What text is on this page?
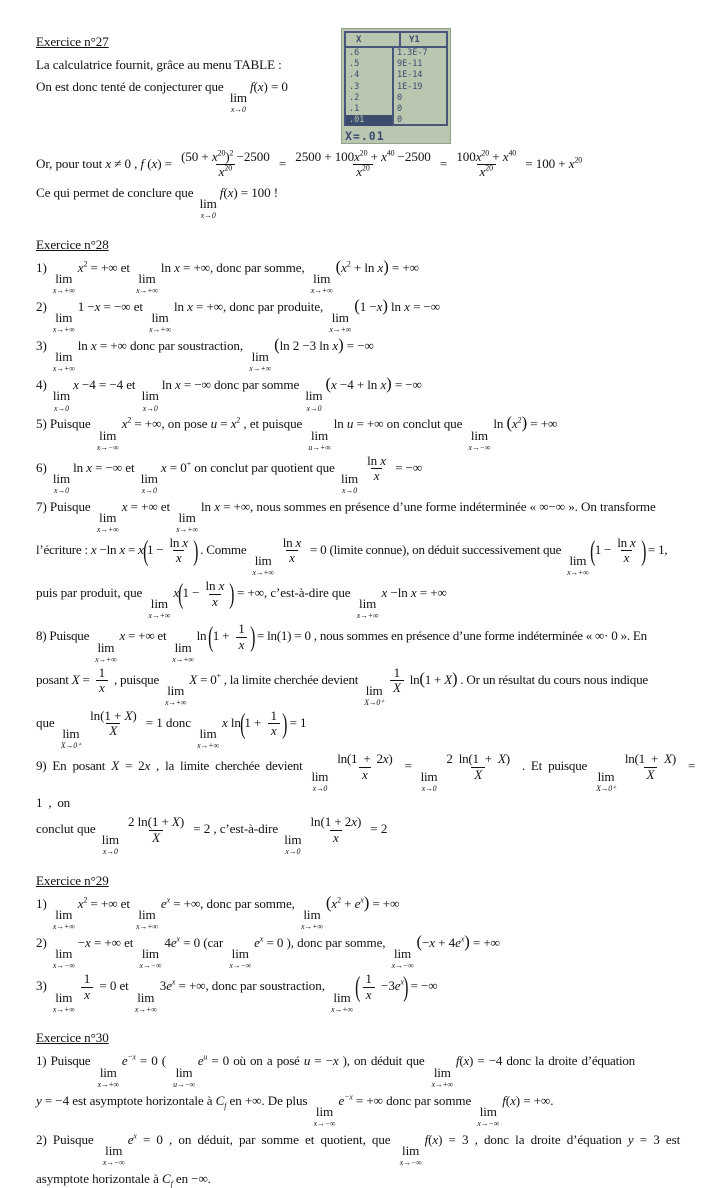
X	Y1
.6	1.3E-7
.5	9E-11
.4	1E-14
.3	1E-19
.2	0
.1	0
.01	0
X=.01
Exercice n°27
La calculatrice fournit, grâce au menu TABLE :
On est donc tenté de conjecturer que
lim
x→0
f(x) = 0
Or, pour tout x ≠ 0 , f $(x) = \frac{(50 + x^{20})^2 -2500}{x^{20}} = \frac{2500 + 100x^{20} + x^{40} -2500}{x^{20}} = \frac{100x^{20} + x^{40}}{x^{20}} = 100 + x^{20}$
Ce qui permet de conclure que
lim
x→0
f(x) = 100 !
Exercice n°28
1)
lim
x→+∞
$x^2$ = +∞ et
lim
x→+∞
ln x = +∞, donc par somme,
lim
x→+∞
$(x^2 + \ln x)$ = +∞
2)
lim
x→+∞
1 −x = −∞ et
lim
x→+∞
ln x = +∞, donc par produite,
lim
x→+∞
(1 −x) ln x = −∞
3)
lim
x→+∞
ln x = +∞ donc par soustraction,
lim
x→+∞
(ln 2 −3 ln x) = −∞
4)
lim
x→0
x −4 = −4 et
lim
x→0
ln x = −∞ donc par somme
lim
x→0
(x −4 + ln x) = −∞
5) Puisque
lim
x→−∞
$x^2$ = +∞, on pose $u = x^2$ , et puisque
lim
u→+∞
ln u = +∞ on conclut que
lim
x→−∞
$\ln (x^2)$ = +∞
6)
lim
x→0
ln x = −∞ et
lim
x→0
x = 0+ on conclut par quotient que
lim
x→0
$\frac{\text{ln x}}{x}$ = −∞
7) Puisque
lim
x→+∞
x = +∞ et
lim
x→+∞
ln x = +∞, nous sommes en présence d’une forme indéterminée « ∞−∞ ». On transforme
l’écriture : x −ln $x = x(1 - \frac{\text{ln x}}{x}$ ) . Comme
lim
x→+∞
$\frac{\text{ln x}}{x} = 0$ (limite connue), on déduit successivement que
lim
x→+∞
($1 - \frac{\text{ln x}}{x}$ ) = 1,
puis par produit, que
lim
x→+∞
$x(1 - \frac{\text{ln x}}{x}$ ) = +∞, c’est-à-dire que
lim
x→+∞
x −ln x = +∞
8) Puisque
lim
x→+∞
x = +∞ et
lim
x→+∞
$\ln (1 + \frac{1}{x}$ ) = ln(1) = 0 , nous sommes en présence d’une forme indéterminée « ∞· 0 ». En
posant $X = \frac{1}{x}$ , puisque
lim
x→+∞
X = 0+ , la limite cherchée devient
lim
X→0⁺
$\frac{1}{X} \ln(1 + X)$ . Or un résultat du cours nous indique
que
lim
X→0⁺
$\frac{\ln(1 + X)}{X} = 1$ donc
lim
x→+∞
x $\ln(1 + \frac{1}{x}$ ) = 1
9) En posant X = 2x , la limite cherchée devient
lim
x→0
$\frac{\ln(1 + 2x)}{x}$ =
lim
x→0
$\frac{2 \ln(1 + X)}{X}$ . Et puisque
lim
X→0⁺
$\frac{\ln(1 + X)}{X} = 1$ , on
conclut que
lim
x→0
$\frac{2 \ln(1 + X)}{X} = 2$ , c’est-à-dire
lim
x→0
$\frac{\ln(1 + 2x)}{x} = 2$
Exercice n°29
1)
lim
x→+∞
$x^2$ = +∞ et
lim
x→+∞
$e^x$ = +∞, donc par somme,
lim
x→+∞
$(x^2 + e^x)$ = +∞
2)
lim
x→−∞
−x = +∞ et
lim
x→−∞
$4e^x = 0$ (car
lim
x→−∞
$e^x = 0$ ), donc par somme,
lim
x→−∞
$(-x + 4e^x)$ = +∞
3)
lim
x→+∞
$\frac{1}{x} = 0$ et
lim
x→+∞
$3e^x$ = +∞, donc par soustraction,
lim
x→+∞
( $\frac{1}{x} -3e^x$) = −∞
Exercice n°30
1) Puisque
lim
x→+∞
$e^{-x} = 0$ (
lim
u→−∞
$e^u = 0$ où on a posé u = −x ), on déduit que
lim
x→+∞
f(x) = −4 donc la droite d’équation
y = −4 est asymptote horizontale à $C_f$ en +∞. De plus
lim
x→−∞
$e^{-x}$ = +∞ donc par somme
lim
x→−∞
f(x) = +∞.
2) Puisque
lim
x→−∞
$e^x = 0$ , on déduit, par somme et quotient, que
lim
x→−∞
f(x) = 3 , donc la droite d’équation y = 3 est
asymptote horizontale à $C_f$ en −∞.
